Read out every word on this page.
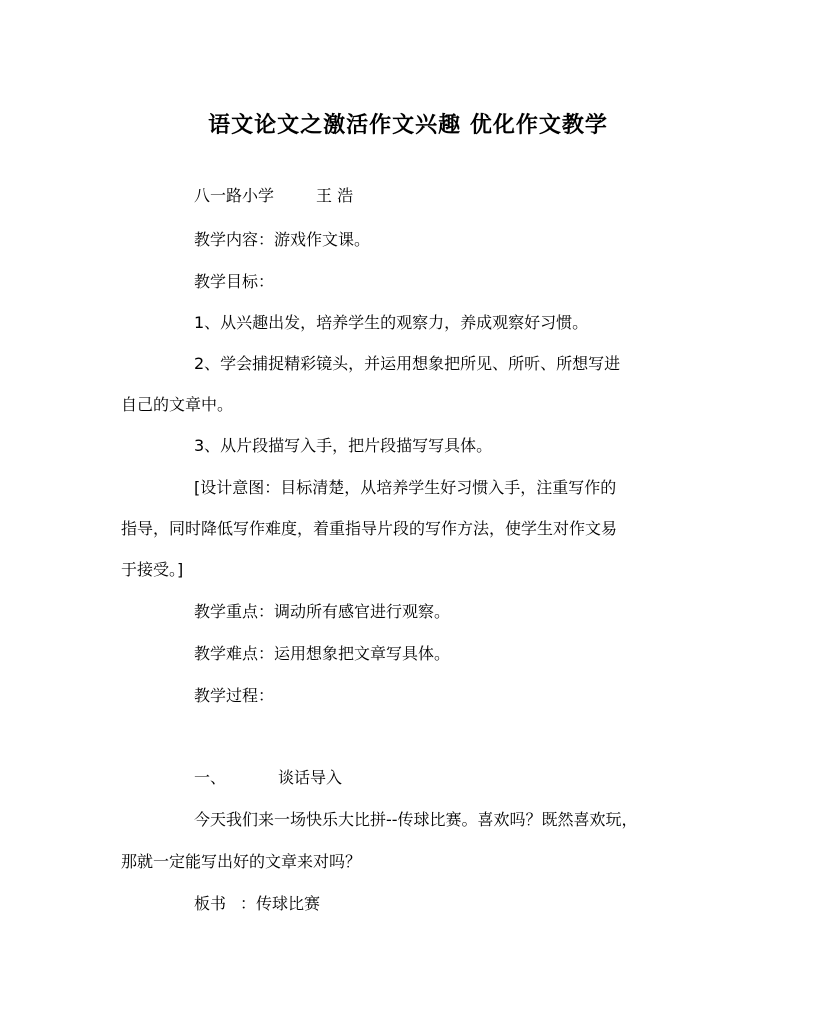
语文论文之激活作文兴趣 优化作文教学
八一路小学	王 浩
教学内容：游戏作文课。
教学目标：
1、从兴趣出发，培养学生的观察力，养成观察好习惯。
2、学会捕捉精彩镜头，并运用想象把所见、所听、所想写进
自己的文章中。
3、从片段描写入手，把片段描写写具体。
[设计意图：目标清楚，从培养学生好习惯入手，注重写作的
指导，同时降低写作难度，着重指导片段的写作方法，使学生对作文易
于接受。]
教学重点：调动所有感官进行观察。
教学难点：运用想象把文章写具体。
教学过程：
一、	谈话导入
今天我们来一场快乐大比拼--传球比赛。喜欢吗？既然喜欢玩，
那就一定能写出好的文章来对吗？
板书 ：传球比赛
